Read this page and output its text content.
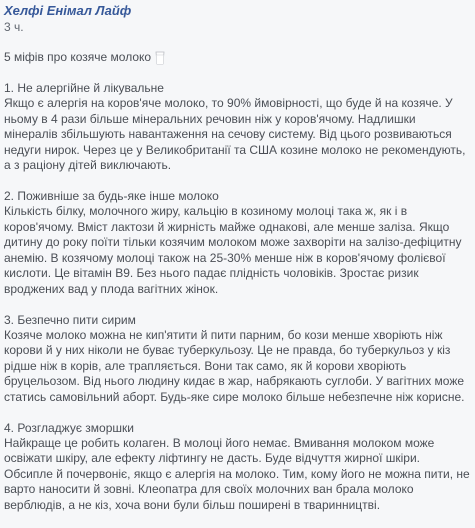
Хелфі Енімал Лайф
3 ч.
5 міфів про козяче молоко
1. Не алергійне й лікувальне

Якщо є алергія на коров'яче молоко, то 90% ймовірності, що буде й на козяче. У ньому в 4 рази більше мінеральних речовин ніж у коров'ячому. Надлишки мінералів збільшують навантаження на сечову систему. Від цього розвиваються недуги нирок. Через це у Великобританії та США козине молоко не рекомендують, а з раціону дітей виключають.

2. Поживніше за будь-яке інше молоко

Кількість білку, молочного жиру, кальцію в козиному молоці така ж, як і в коров'ячому. Вміст лактози й жирність майже однакові, але менше заліза. Якщо дитину до року поїти тільки козячим молоком може захворіти на залізо-дефіцитну анемію. В козячому молоці також на 25-30% менше ніж в коров'ячому фолієвої кислоти. Це вітамін В9. Без нього падає плідність чоловіків. Зростає ризик вроджених вад у плода вагітних жінок.

3. Безпечно пити сирим

Козяче молоко можна не кип'ятити й пити парним, бо кози менше хворіють ніж корови й у них ніколи не буває туберкульозу. Це не правда, бо туберкульоз у кіз рідше ніж в корів, але трапляється. Вони так само, як й корови хворіють бруцельозом. Від нього людину кидає в жар, набрякають суглоби. У вагітних може статись самовільний аборт. Будь-яке сире молоко більше небезпечне ніж корисне.

4. Розгладжує зморшки

Найкраще це робить колаген. В молоці його немає. Вмивання молоком може освіжати шкіру, але ефекту ліфтингу не дасть. Буде відчуття жирної шкіри. Обсипле й почервоніє, якщо є алергія на молоко. Тим, кому його не можна пити, не варто наносити й зовні. Клеопатра для своїх молочних ван брала молоко верблюдів, а не кіз, хоча вони були більш поширені в тваринництві.
